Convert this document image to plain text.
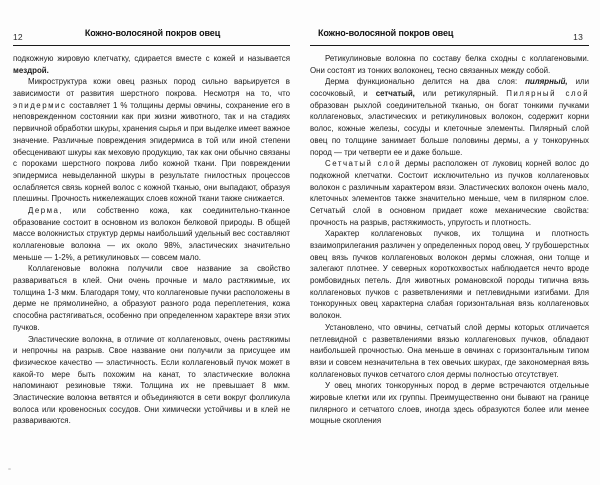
12	Кожно-волосяной покров овец

подкожную жировую клетчатку, сдирается вместе с кожей и называется мездрой.

Микроструктура кожи овец разных пород сильно варьируется в зависимости от развития шерстного покрова. Несмотря на то, что эпидермис составляет 1 % толщины дермы овчины, сохранение его в неповрежденном состоянии как при жизни животного, так и на стадиях первичной обработки шкуры, хранения сырья и при выделке имеет важное значение. Различные повреждения эпидермиса в той или иной степени обесценивают шкуры как меховую продукцию, так как они обычно связаны с пороками шерстного покрова либо кожной ткани. При повреждении эпидермиса невыделанной шкуры в результате гнилостных процессов ослабляется связь корней волос с кожной тканью, они выпадают, образуя плешины. Прочность нижележащих слоев кожной ткани также снижается.

Дерма, или собственно кожа, как соединительно-тканное образование состоит в основном из волокон белковой природы. В общей массе волокнистых структур дермы наибольший удельный вес составляют коллагеновые волокна — их около 98%, эластических значительно меньше — 1-2%, а ретикулиновых — совсем мало.

Коллагеновые волокна получили свое название за свойство развариваться в клей. Они очень прочные и мало растяжимые, их толщина 1-3 мкм. Благодаря тому, что коллагеновые пучки расположены в дерме не прямолинейно, а образуют разного рода переплетения, кожа способна растягиваться, особенно при определенном характере вязи этих пучков.

Эластические волокна, в отличие от коллагеновых, очень растяжимы и непрочны на разрыв. Свое название они получили за присущее им физическое качество — эластичность. Если коллагеновый пучок может в какой-то мере быть похожим на канат, то эластические волокна напоминают резиновые тяжи. Толщина их не превышает 8 мкм. Эластические волокна ветвятся и объединяются в сети вокруг фолликула волоса или кровеносных сосудов. Они химически устойчивы и в клей не развариваются.

Кожно-волосяной покров овец	13

Ретикулиновые волокна по составу белка сходны с коллагеновыми. Они состоят из тонких волоконец, тесно связанных между собой.

Дерма функционально делится на два слоя: пилярный, или сосочковый, и сетчатый, или ретикулярный. Пилярный слой образован рыхлой соединительной тканью, он богат тонкими пучками коллагеновых, эластических и ретикулиновых волокон, содержит корни волос, кожные железы, сосуды и клеточные элементы. Пилярный слой овец по толщине занимает больше половины дермы, а у тонкорунных пород — три четверти ее и даже больше.

Сетчатый слой дермы расположен от луковиц корней волос до подкожной клетчатки. Состоит исключительно из пучков коллагеновых волокон с различным характером вязи. Эластических волокон очень мало, клеточных элементов также значительно меньше, чем в пилярном слое. Сетчатый слой в основном придает коже механические свойства: прочность на разрыв, растяжимость, упругость и плотность.

Характер коллагеновых пучков, их толщина и плотность взаимоприлегания различен у определенных пород овец. У грубошерстных овец вязь пучков коллагеновых волокон дермы сложная, они толще и залегают плотнее. У северных короткохвостых наблюдается нечто вроде ромбовидных петель. Для животных романовской породы типична вязь коллагеновых пучков с разветвлениями и петлевидными изгибами. Для тонкорунных овец характерна слабая горизонтальная вязь коллагеновых волокон.

Установлено, что овчины, сетчатый слой дермы которых отличается петлевидной с разветвлениями вязью коллагеновых пучков, обладают наибольшей прочностью. Она меньше в овчинах с горизонтальным типом вязи и совсем незначительна в тех овечьих шкурах, где закономерная вязь коллагеновых пучков сетчатого слоя дермы полностью отсутствует.

У овец многих тонкорунных пород в дерме встречаются отдельные жировые клетки или их группы. Преимущественно они бывают на границе пилярного и сетчатого слоев, иногда здесь образуются более или менее мощные скопления
